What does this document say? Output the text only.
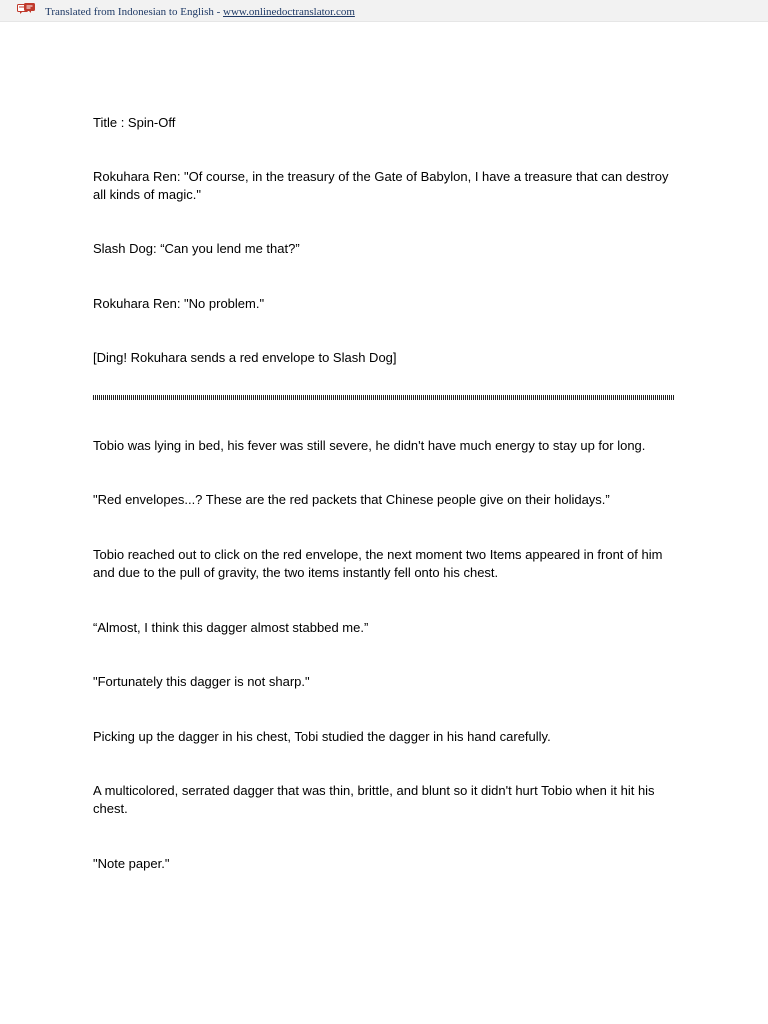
Translated from Indonesian to English - www.onlinedoctranslator.com

Title : Spin-Off

Rokuhara Ren: "Of course, in the treasury of the Gate of Babylon, I have a treasure that can destroy all kinds of magic."

Slash Dog: “Can you lend me that?”

Rokuhara Ren: "No problem."

[Ding! Rokuhara sends a red envelope to Slash Dog]

Tobio was lying in bed, his fever was still severe, he didn't have much energy to stay up for long.

"Red envelopes...? These are the red packets that Chinese people give on their holidays.”

Tobio reached out to click on the red envelope, the next moment two Items appeared in front of him and due to the pull of gravity, the two items instantly fell onto his chest.

“Almost, I think this dagger almost stabbed me.”

"Fortunately this dagger is not sharp."

Picking up the dagger in his chest, Tobi studied the dagger in his hand carefully.

A multicolored, serrated dagger that was thin, brittle, and blunt so it didn't hurt Tobio when it hit his chest.

"Note paper."
